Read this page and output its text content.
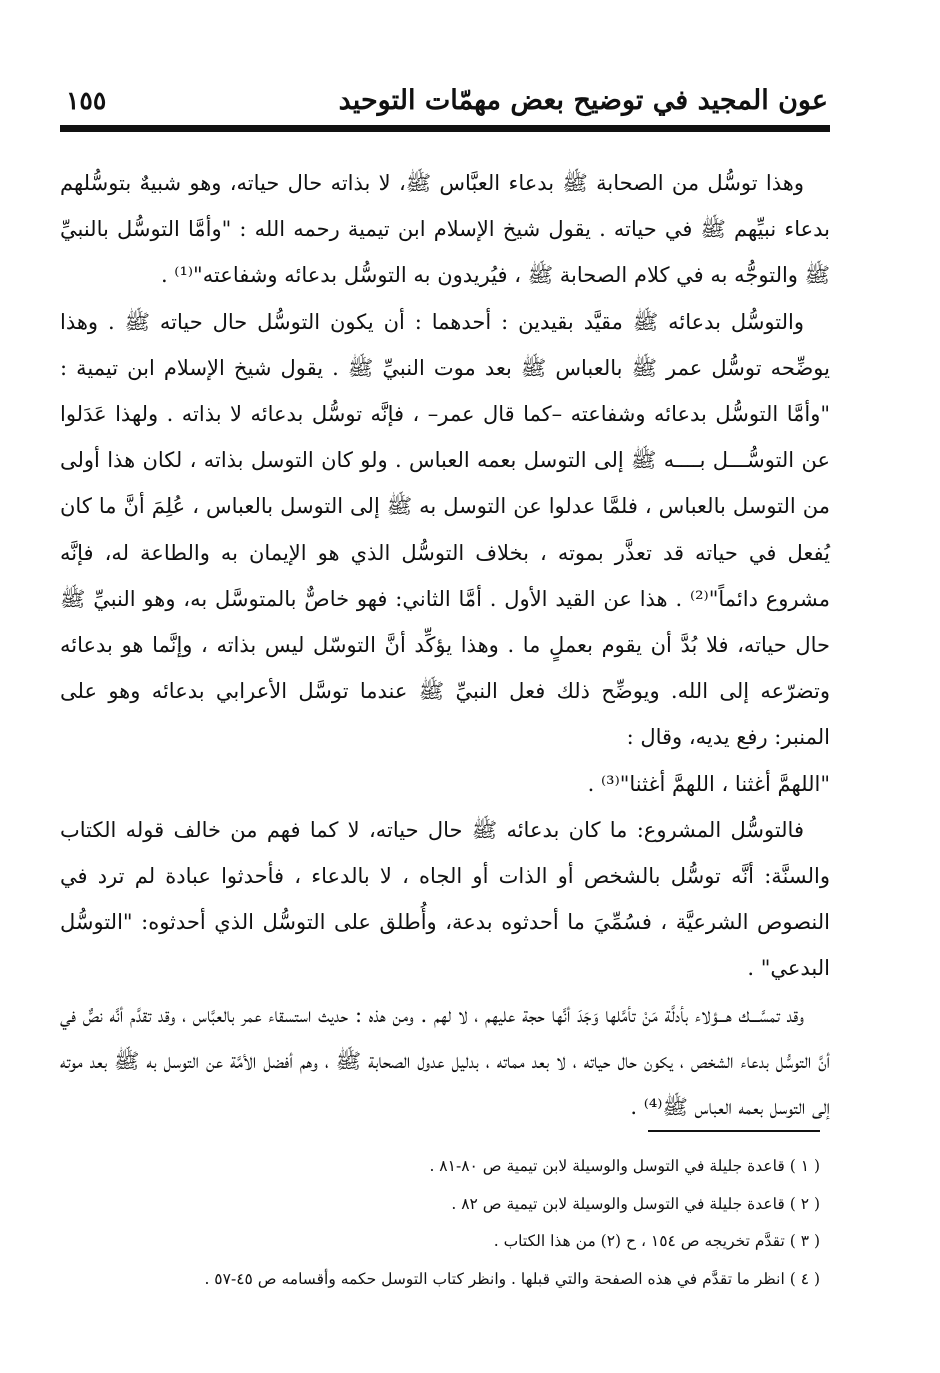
عون المجيد في توضيح بعض مهمّات التوحيد
١٥٥

وهذا توسُّل من الصحابة ﷺ بدعاء العبَّاس ﷺ، لا بذاته حال حياته، وهو شبيهٌ بتوسُّلهم بدعاء نبيِّهم ﷺ في حياته . يقول شيخ الإسلام ابن تيمية رحمه الله : "وأمَّا التوسُّل بالنبيِّ ﷺ والتوجُّه به في كلام الصحابة ﷺ ، فيُريدون به التوسُّل بدعائه وشفاعته"⁽¹⁾ .

والتوسُّل بدعائه ﷺ مقيَّد بقيدين : أحدهما : أن يكون التوسُّل حال حياته ﷺ . وهذا يوضِّحه توسُّل عمر ﷺ بالعباس ﷺ بعد موت النبيِّ ﷺ . يقول شيخ الإسلام ابن تيمية : "وأمَّا التوسُّل بدعائه وشفاعته –كما قال عمر– ، فإنَّه توسُّل بدعائه لا بذاته . ولهذا عَدَلوا عن التوسُّـــل بــــه ﷺ إلى التوسل بعمه العباس . ولو كان التوسل بذاته ، لكان هذا أولى من التوسل بالعباس ، فلمَّا عدلوا عن التوسل به ﷺ إلى التوسل بالعباس ، عُلِمَ أنَّ ما كان يُفعل في حياته قد تعذَّر بموته ، بخلاف التوسُّل الذي هو الإيمان به والطاعة له، فإنَّه مشروع دائماً"⁽²⁾ . هذا عن القيد الأول . أمَّا الثاني: فهو خاصٌّ بالمتوسَّل به، وهو النبيِّ ﷺ حال حياته، فلا بُدَّ أن يقوم بعملٍ ما . وهذا يؤكِّد أنَّ التوسّل ليس بذاته ، وإنَّما هو بدعائه وتضرّعه إلى الله. ويوضِّح ذلك فعل النبيِّ ﷺ عندما توسَّل الأعرابي بدعائه وهو على المنبر: رفع يديه، وقال :

"اللهمَّ أغثنا ، اللهمَّ أغثنا"⁽³⁾ .

فالتوسُّل المشروع: ما كان بدعائه ﷺ حال حياته، لا كما فهم من خالف قوله الكتاب والسنَّة: أنَّه توسُّل بالشخص أو الذات أو الجاه ، لا بالدعاء ، فأحدثوا عبادة لم ترد في النصوص الشرعيَّة ، فسُمِّيَ ما أحدثوه بدعة، وأُطلق على التوسُّل الذي أحدثوه: "التوسُّل البدعي" .

وقد تمسَّـــك هـــؤلاء بأدلَّة مَنْ تأمَّلها وَجَدَ أنَّها حجة عليهم ، لا لهم . ومن هذه : حديث استسقاء عمر بالعبَّاس ، وقد تقدَّم أنَّه نصٌّ في أنَّ التوسُّل بدعاء الشخص ، يكون حال حياته ، لا بعد مماته ، بدليل عدول الصحابة ﷺ ، وهم أفضل الأمَّة عن التوسل به ﷺ بعد موته إلى التوسل بعمه العباس ﷺ⁽⁴⁾ .

( ١ ) قاعدة جليلة في التوسل والوسيلة لابن تيمية ص ٨٠-٨١ .
( ٢ ) قاعدة جليلة في التوسل والوسيلة لابن تيمية ص ٨٢ .
( ٣ ) تقدَّم تخريجه ص ١٥٤ ، ح (٢) من هذا الكتاب .
( ٤ ) انظر ما تقدَّم في هذه الصفحة والتي قبلها . وانظر كتاب التوسل حكمه وأقسامه ص ٤٥-٥٧ .
